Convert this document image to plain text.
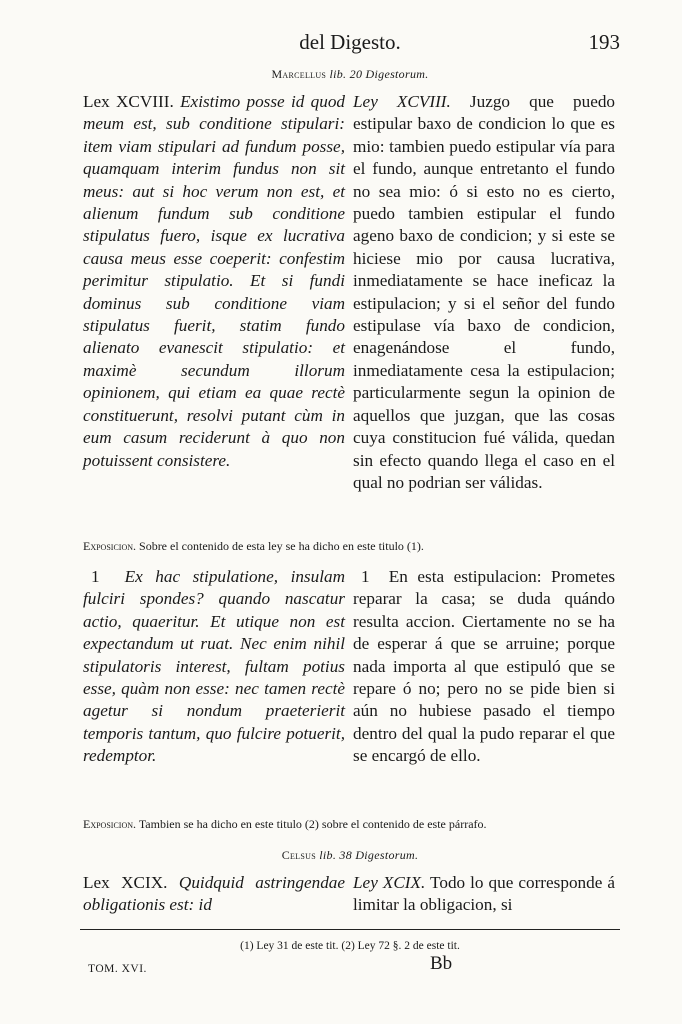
del Digesto.	193
Marcellus lib. 20 Digestorum.
Lex XCVIII. Existimo posse id quod meum est, sub conditione stipulari: item viam stipulari ad fundum posse, quamquam interim fundus non sit meus: aut si hoc verum non est, et alienum fundum sub conditione stipulatus fuero, isque ex lucrativa causa meus esse coeperit: confestim perimitur stipulatio. Et si fundi dominus sub conditione viam stipulatus fuerit, statim fundo alienato evanescit stipulatio: et maximè secundum illorum opinionem, qui etiam ea quae rectè constituerunt, resolvi putant cùm in eum casum reciderunt à quo non potuissent consistere.
Ley XCVIII. Juzgo que puedo estipular baxo de condicion lo que es mio: tambien puedo estipular vía para el fundo, aunque entretanto el fundo no sea mio: ó si esto no es cierto, puedo tambien estipular el fundo ageno baxo de condicion; y si este se hiciese mio por causa lucrativa, inmediatamente se hace ineficaz la estipulacion; y si el señor del fundo estipulase vía baxo de condicion, enagenándose el fundo, inmediatamente cesa la estipulacion; particularmente segun la opinion de aquellos que juzgan, que las cosas cuya constitucion fué válida, quedan sin efecto quando llega el caso en el qual no podrian ser válidas.
Exposicion. Sobre el contenido de esta ley se ha dicho en este titulo (1).
1 Ex hac stipulatione, insulam fulciri spondes? quando nascatur actio, quaeritur. Et utique non est expectandum ut ruat. Nec enim nihil stipulatoris interest, fultam potius esse, quàm non esse: nec tamen rectè agetur si nondum praeterierit temporis tantum, quo fulcire potuerit, redemptor.
1 En esta estipulacion: Prometes reparar la casa; se duda quándo resulta accion. Ciertamente no se ha de esperar á que se arruine; porque nada importa al que estipuló que se repare ó no; pero no se pide bien si aún no hubiese pasado el tiempo dentro del qual la pudo reparar el que se encargó de ello.
Exposicion. Tambien se ha dicho en este titulo (2) sobre el contenido de este párrafo.
Celsus lib. 38 Digestorum.
Lex XCIX. Quidquid astringendae obligationis est: id
Ley XCIX. Todo lo que corresponde á limitar la obligacion, si
(1) Ley 31 de este tit. (2) Ley 72 §. 2 de este tit.
TOM. XVI.	Bb
